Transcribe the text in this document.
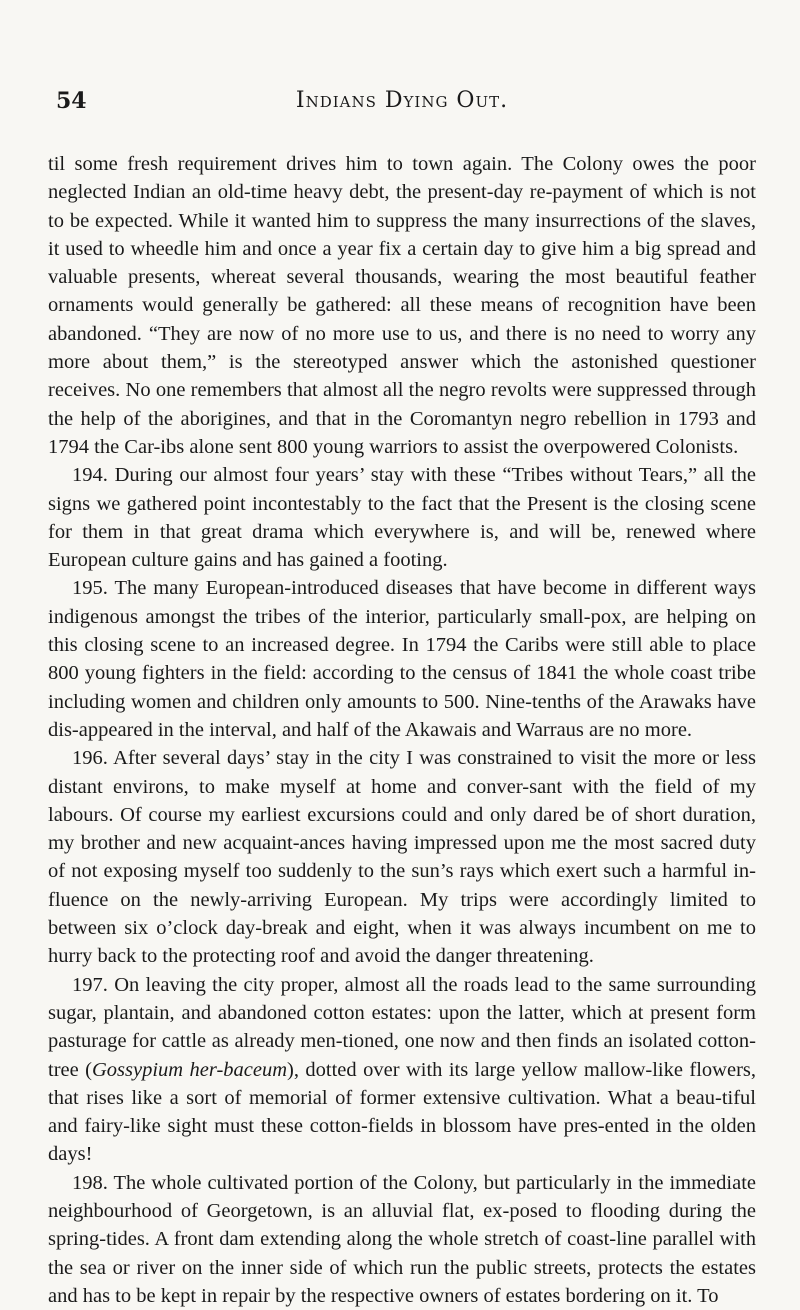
54	Indians Dying Out.

til some fresh requirement drives him to town again. The Colony owes the poor neglected Indian an old-time heavy debt, the present-day re-payment of which is not to be expected. While it wanted him to suppress the many insurrections of the slaves, it used to wheedle him and once a year fix a certain day to give him a big spread and valuable presents, whereat several thousands, wearing the most beautiful feather ornaments would generally be gathered: all these means of recognition have been abandoned. “They are now of no more use to us, and there is no need to worry any more about them,” is the stereotyped answer which the astonished questioner receives. No one remembers that almost all the negro revolts were suppressed through the help of the aborigines, and that in the Coromantyn negro rebellion in 1793 and 1794 the Car-ibs alone sent 800 young warriors to assist the overpowered Colonists.

194. During our almost four years’ stay with these “Tribes without Tears,” all the signs we gathered point incontestably to the fact that the Present is the closing scene for them in that great drama which everywhere is, and will be, renewed where European culture gains and has gained a footing.

195. The many European-introduced diseases that have become in different ways indigenous amongst the tribes of the interior, particularly small-pox, are helping on this closing scene to an increased degree. In 1794 the Caribs were still able to place 800 young fighters in the field: according to the census of 1841 the whole coast tribe including women and children only amounts to 500. Nine-tenths of the Arawaks have dis-appeared in the interval, and half of the Akawais and Warraus are no more.

196. After several days’ stay in the city I was constrained to visit the more or less distant environs, to make myself at home and conver-sant with the field of my labours. Of course my earliest excursions could and only dared be of short duration, my brother and new acquaint-ances having impressed upon me the most sacred duty of not exposing myself too suddenly to the sun’s rays which exert such a harmful in-fluence on the newly-arriving European. My trips were accordingly limited to between six o’clock day-break and eight, when it was always incumbent on me to hurry back to the protecting roof and avoid the danger threatening.

197. On leaving the city proper, almost all the roads lead to the same surrounding sugar, plantain, and abandoned cotton estates: upon the latter, which at present form pasturage for cattle as already men-tioned, one now and then finds an isolated cotton-tree (Gossypium her-baceum), dotted over with its large yellow mallow-like flowers, that rises like a sort of memorial of former extensive cultivation. What a beau-tiful and fairy-like sight must these cotton-fields in blossom have pres-ented in the olden days!

198. The whole cultivated portion of the Colony, but particularly in the immediate neighbourhood of Georgetown, is an alluvial flat, ex-posed to flooding during the spring-tides. A front dam extending along the whole stretch of coast-line parallel with the sea or river on the inner side of which run the public streets, protects the estates and has to be kept in repair by the respective owners of estates bordering on it. To
